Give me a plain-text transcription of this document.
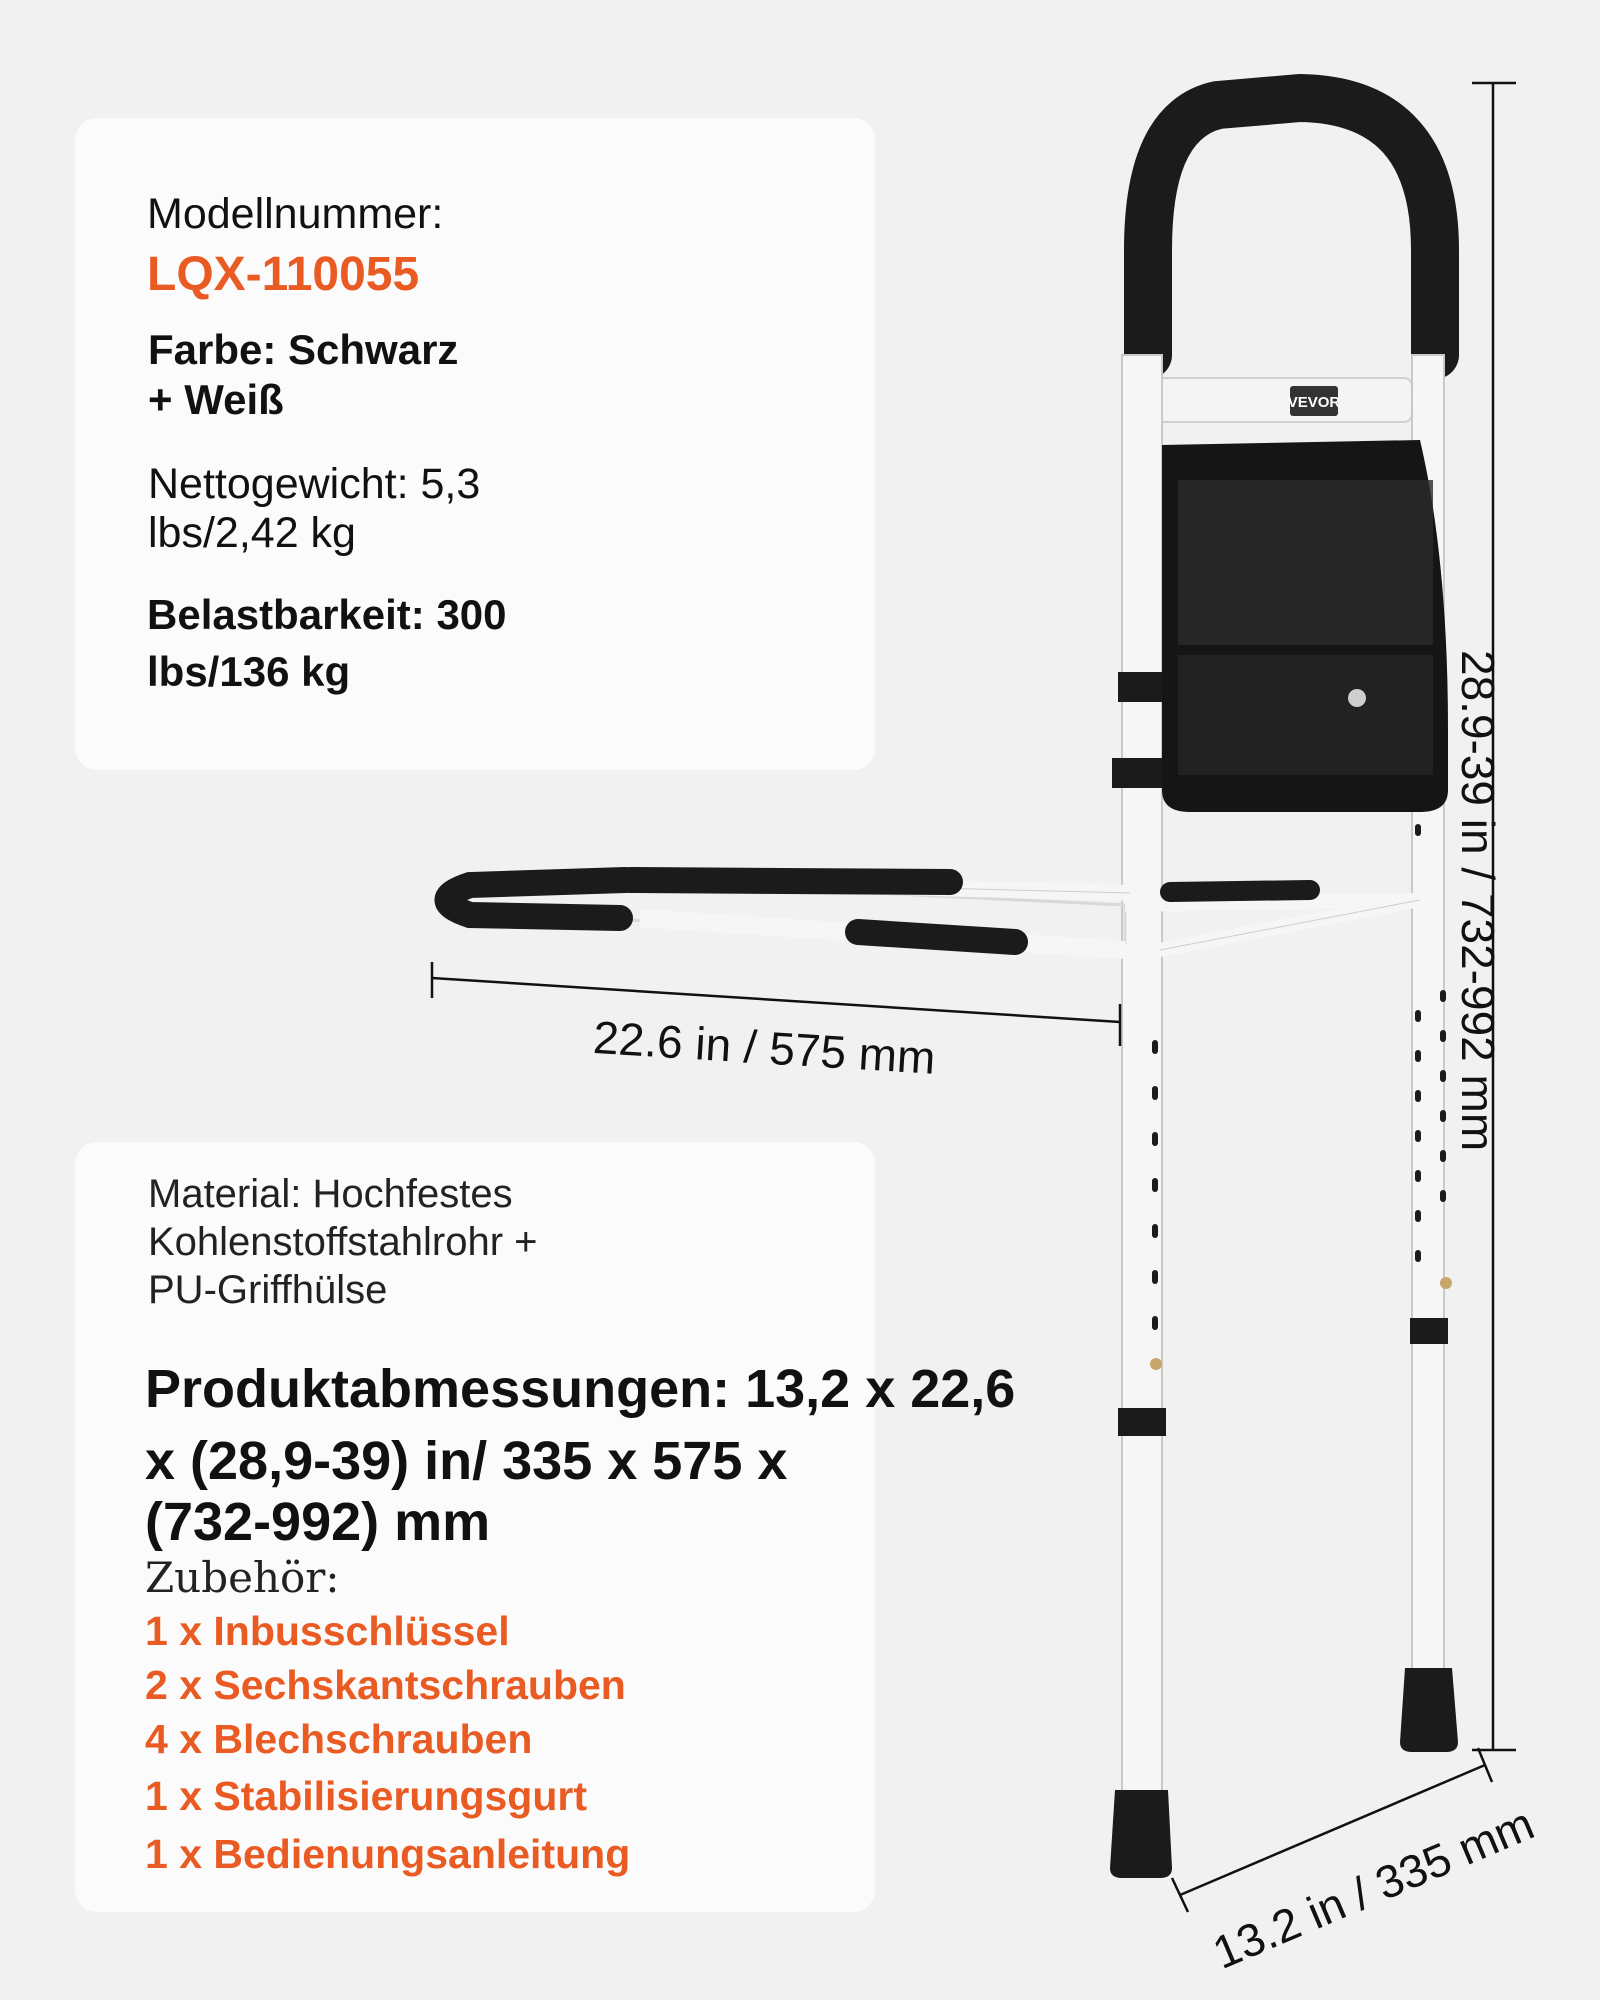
VEVOR
Modellnummer:
LQX-110055
Farbe: Schwarz
+ Weiß
Nettogewicht: 5,3
lbs/2,42 kg
Belastbarkeit: 300
lbs/136 kg
Material: Hochfestes
Kohlenstoffstahlrohr +
PU-Griffhülse
Produktabmessungen: 13,2 x 22,6
x (28,9-39) in/ 335 x 575 x
(732-992) mm
Zubehör:
1 x Inbusschlüssel
2 x Sechskantschrauben
4 x Blechschrauben
1 x Stabilisierungsgurt
1 x Bedienungsanleitung
22.6 in / 575 mm	28.9-39 in / 732-992 mm
13.2 in / 335 mm
